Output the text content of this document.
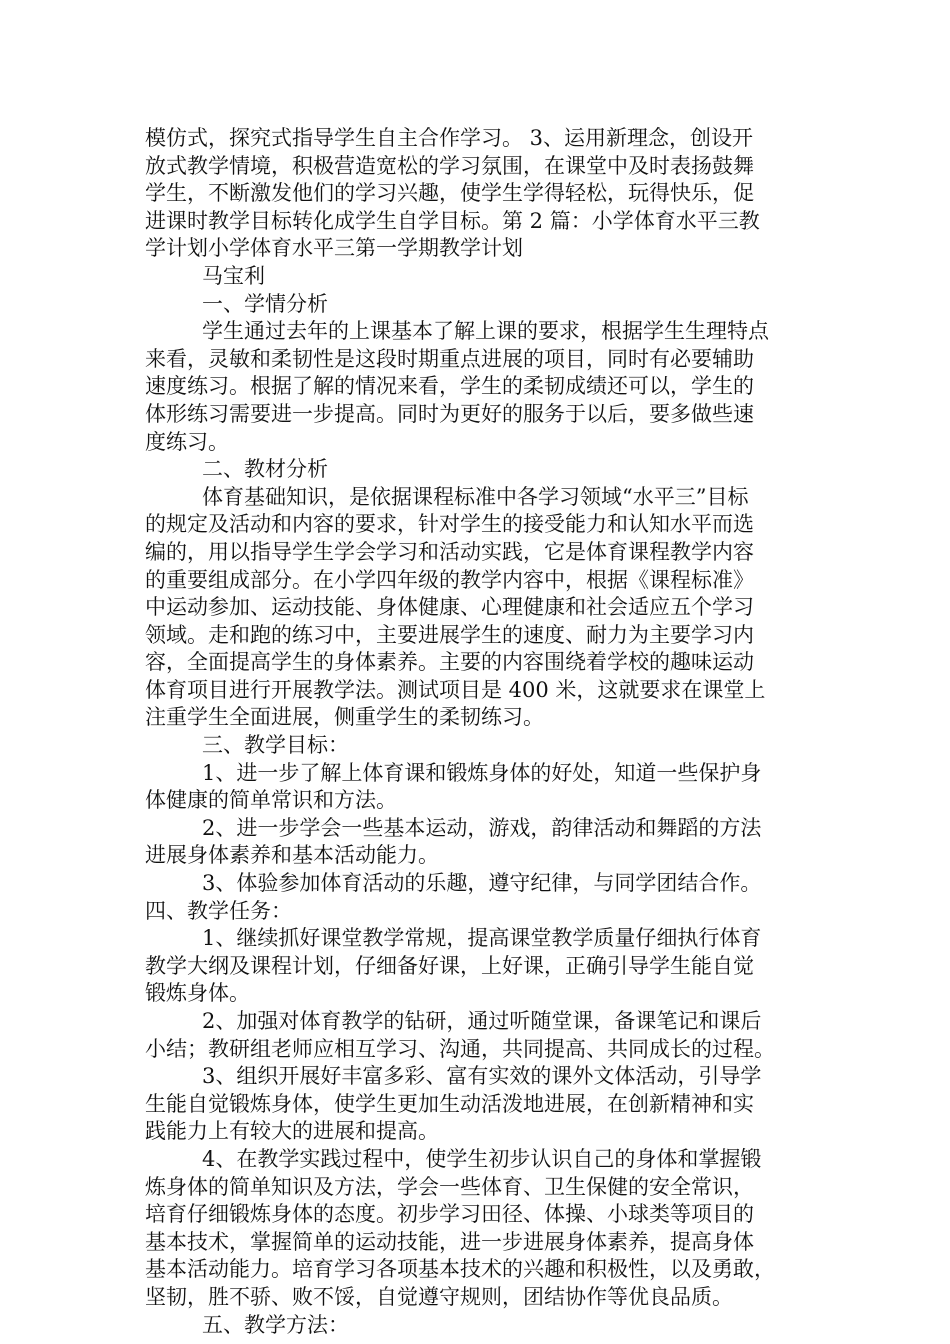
模仿式，探究式指导学生自主合作学习。 3、运用新理念，创设开
放式教学情境，积极营造宽松的学习氛围，在课堂中及时表扬鼓舞
学生，不断激发他们的学习兴趣，使学生学得轻松，玩得快乐，促
进课时教学目标转化成学生自学目标。第 2 篇：小学体育水平三教
学计划小学体育水平三第一学期教学计划
马宝利
一、学情分析
学生通过去年的上课基本了解上课的要求，根据学生生理特点
来看，灵敏和柔韧性是这段时期重点进展的项目，同时有必要辅助
速度练习。根据了解的情况来看，学生的柔韧成绩还可以，学生的
体形练习需要进一步提高。同时为更好的服务于以后，要多做些速
度练习。
二、教材分析
体育基础知识，是依据课程标准中各学习领域“水平三”目标
的规定及活动和内容的要求，针对学生的接受能力和认知水平而选
编的，用以指导学生学会学习和活动实践，它是体育课程教学内容
的重要组成部分。在小学四年级的教学内容中，根据《课程标准》
中运动参加、运动技能、身体健康、心理健康和社会适应五个学习
领域。走和跑的练习中，主要进展学生的速度、耐力为主要学习内
容，全面提高学生的身体素养。主要的内容围绕着学校的趣味运动
体育项目进行开展教学法。测试项目是 400 米，这就要求在课堂上
注重学生全面进展，侧重学生的柔韧练习。
三、教学目标：
1、进一步了解上体育课和锻炼身体的好处，知道一些保护身
体健康的简单常识和方法。
2、进一步学会一些基本运动，游戏，韵律活动和舞蹈的方法
进展身体素养和基本活动能力。
3、体验参加体育活动的乐趣，遵守纪律，与同学团结合作。
四、教学任务：
1、继续抓好课堂教学常规，提高课堂教学质量仔细执行体育
教学大纲及课程计划，仔细备好课，上好课，正确引导学生能自觉
锻炼身体。
2、加强对体育教学的钻研，通过听随堂课，备课笔记和课后
小结；教研组老师应相互学习、沟通，共同提高、共同成长的过程。
3、组织开展好丰富多彩、富有实效的课外文体活动，引导学
生能自觉锻炼身体，使学生更加生动活泼地进展，在创新精神和实
践能力上有较大的进展和提高。
4、在教学实践过程中，使学生初步认识自己的身体和掌握锻
炼身体的简单知识及方法，学会一些体育、卫生保健的安全常识，
培育仔细锻炼身体的态度。初步学习田径、体操、小球类等项目的
基本技术，掌握简单的运动技能，进一步进展身体素养，提高身体
基本活动能力。培育学习各项基本技术的兴趣和积极性，以及勇敢，
坚韧，胜不骄、败不馁，自觉遵守规则，团结协作等优良品质。
五、教学方法：
